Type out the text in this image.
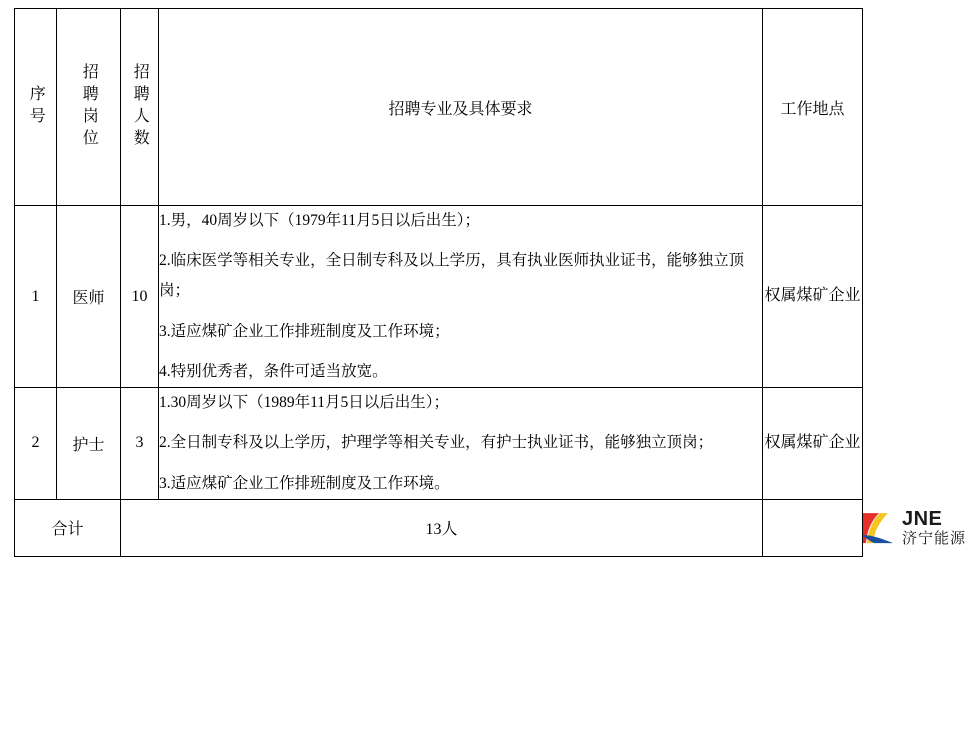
序号	招聘岗位	招聘人数	招聘专业及具体要求	工作地点
1	医师	10	1.男，40周岁以下（1979年11月5日以后出生）；

2.临床医学等相关专业，全日制专科及以上学历，具有执业医师执业证书，能够独立顶岗；

3.适应煤矿企业工作排班制度及工作环境；

4.特别优秀者，条件可适当放宽。	权属煤矿企业
2	护士	3	1.30周岁以下（1989年11月5日以后出生）；

2.全日制专科及以上学历，护理学等相关专业，有护士执业证书，能够独立顶岗；

3.适应煤矿企业工作排班制度及工作环境。	权属煤矿企业
合计		13人		JNE
济宁能源
